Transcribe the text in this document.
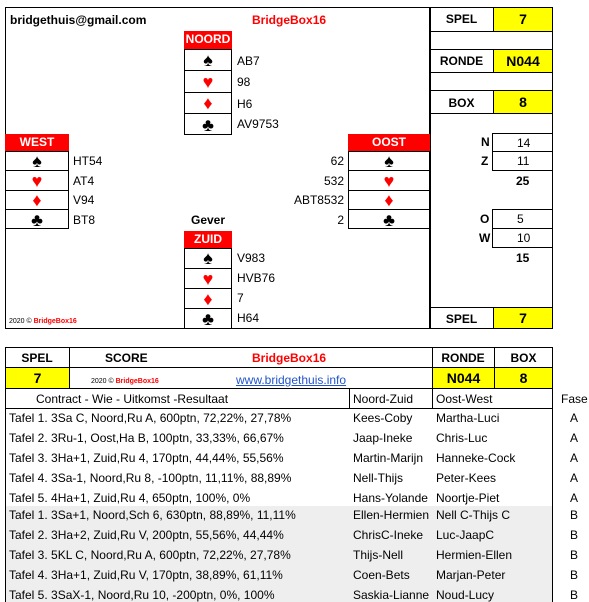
bridgethuis@gmail.com	BridgeBox16
NOORD
♠
♥
♦
♣
AB7
98
H6
AV9753
WEST
♠
♥
♦
♣
HT54
AT4
V94
BT8
OOST
♠
♥
♦
♣
62
532
ABT8532
2
Gever
ZUID
♠
♥
♦
♣
V983
HVB76
7
H64
2020 © BridgeBox16
SPEL	7
RONDE	N044
BOX	8
N	14
Z	11
25
O	5
W	10
15
SPEL	7
SPEL	SCORE	BridgeBox16	RONDE	BOX
7	2020 © BridgeBox16	www.bridgethuis.info	N044	8
Contract - Wie - Uitkomst -Resultaat	Noord-Zuid Oost-West	Fase
Tafel 1. 3Sa C, Noord,Ru A, 600ptn, 72,22%, 27,78%	Kees-Coby Martha-Luci	A
Tafel 2. 3Ru-1, Oost,Ha B, 100ptn, 33,33%, 66,67%	Jaap-Ineke Chris-Luc	A
Tafel 3. 3Ha+1, Zuid,Ru 4, 170ptn, 44,44%, 55,56%	Martin-Marijn Hanneke-Cock	A
Tafel 4. 3Sa-1, Noord,Ru 8, -100ptn, 11,11%, 88,89%	Nell-Thijs	Peter-Kees	A
Tafel 5. 4Ha+1, Zuid,Ru 4, 650ptn, 100%, 0%	Hans-Yolande Noortje-Piet	A
Tafel 1. 3Sa+1, Noord,Sch 6, 630ptn, 88,89%, 11,11%	Ellen-Hermien Nell C-Thijs C	B
Tafel 2. 3Ha+2, Zuid,Ru V, 200ptn, 55,56%, 44,44%	ChrisC-Ineke Luc-JaapC	B
Tafel 3. 5KL C, Noord,Ru A, 600ptn, 72,22%, 27,78%	Thijs-Nell	Hermien-Ellen	B
Tafel 4. 3Ha+1, Zuid,Ru V, 170ptn, 38,89%, 61,11%	Coen-Bets Marjan-Peter	B
Tafel 5. 3SaX-1, Noord,Ru 10, -200ptn, 0%, 100%	Saskia-Lianne Noud-Lucy	B
